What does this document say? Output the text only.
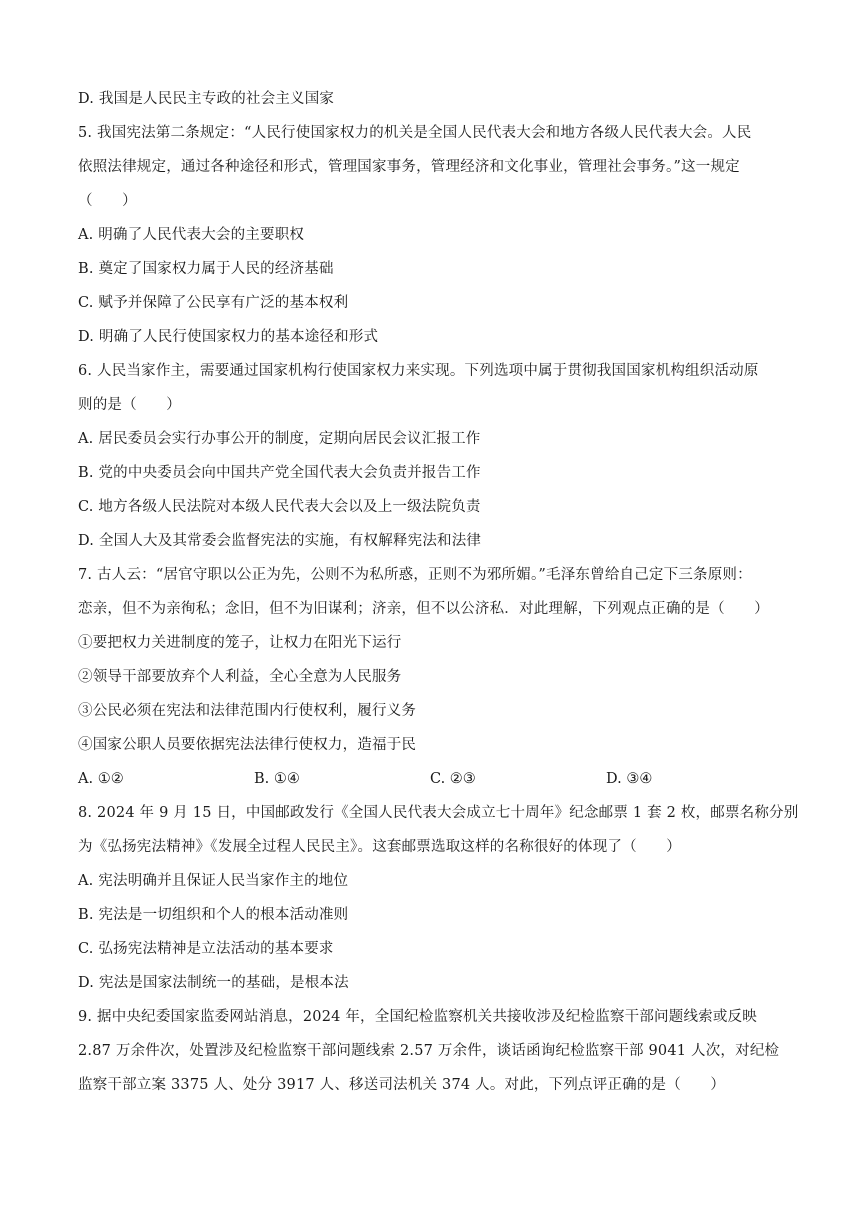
D. 我国是人民民主专政的社会主义国家
5. 我国宪法第二条规定：“人民行使国家权力的机关是全国人民代表大会和地方各级人民代表大会。人民
依照法律规定，通过各种途径和形式，管理国家事务，管理经济和文化事业，管理社会事务。”这一规定
（　　）
A. 明确了人民代表大会的主要职权
B. 奠定了国家权力属于人民的经济基础
C. 赋予并保障了公民享有广泛的基本权利
D. 明确了人民行使国家权力的基本途径和形式
6. 人民当家作主，需要通过国家机构行使国家权力来实现。下列选项中属于贯彻我国国家机构组织活动原
则的是（　　）
A. 居民委员会实行办事公开的制度，定期向居民会议汇报工作
B. 党的中央委员会向中国共产党全国代表大会负责并报告工作
C. 地方各级人民法院对本级人民代表大会以及上一级法院负责
D. 全国人大及其常委会监督宪法的实施，有权解释宪法和法律
7. 古人云：“居官守职以公正为先，公则不为私所惑，正则不为邪所媚。”毛泽东曾给自己定下三条原则：
恋亲，但不为亲徇私；念旧，但不为旧谋利；济亲，但不以公济私．对此理解，下列观点正确的是（　　）
①要把权力关进制度的笼子，让权力在阳光下运行
②领导干部要放弃个人利益，全心全意为人民服务
③公民必须在宪法和法律范围内行使权利，履行义务
④国家公职人员要依据宪法法律行使权力，造福于民
A. ①②	B. ①④	C. ②③	D. ③④
8. 2024 年 9 月 15 日，中国邮政发行《全国人民代表大会成立七十周年》纪念邮票 1 套 2 枚，邮票名称分别
为《弘扬宪法精神》《发展全过程人民民主》。这套邮票选取这样的名称很好的体现了（　　）
A. 宪法明确并且保证人民当家作主的地位
B. 宪法是一切组织和个人的根本活动准则
C. 弘扬宪法精神是立法活动的基本要求
D. 宪法是国家法制统一的基础，是根本法
9. 据中央纪委国家监委网站消息，2024 年，全国纪检监察机关共接收涉及纪检监察干部问题线索或反映
2.87 万余件次，处置涉及纪检监察干部问题线索 2.57 万余件，谈话函询纪检监察干部 9041 人次，对纪检
监察干部立案 3375 人、处分 3917 人、移送司法机关 374 人。对此，下列点评正确的是（　　）
